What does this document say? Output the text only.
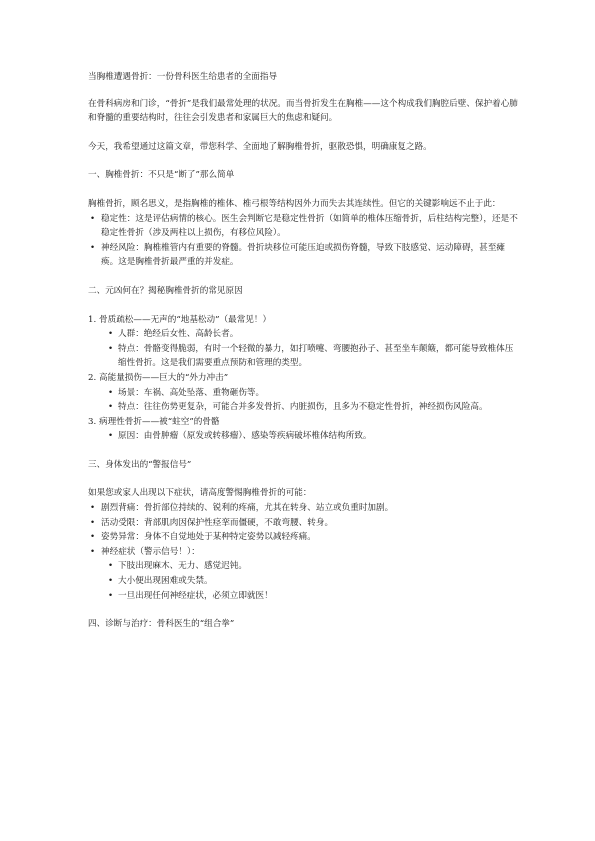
当胸椎遭遇骨折：一份骨科医生给患者的全面指导

在骨科病房和门诊，“骨折”是我们最常处理的状况。而当骨折发生在胸椎——这个构成我们胸腔后壁、保护着心肺和脊髓的重要结构时，往往会引发患者和家属巨大的焦虑和疑问。

今天，我希望通过这篇文章，带您科学、全面地了解胸椎骨折，驱散恐惧，明确康复之路。

一、胸椎骨折：不只是“断了”那么简单

胸椎骨折，顾名思义，是指胸椎的椎体、椎弓根等结构因外力而失去其连续性。但它的关键影响远不止于此：

• 稳定性：这是评估病情的核心。医生会判断它是稳定性骨折（如简单的椎体压缩骨折，后柱结构完整），还是不稳定性骨折（涉及两柱以上损伤，有移位风险）。
• 神经风险：胸椎椎管内有重要的脊髓。骨折块移位可能压迫或损伤脊髓，导致下肢感觉、运动障碍，甚至瘫痪。这是胸椎骨折最严重的并发症。

二、元凶何在？揭秘胸椎骨折的常见原因

1. 骨质疏松——无声的“地基松动”（最常见！）
• 人群：绝经后女性、高龄长者。
• 特点：骨骼变得脆弱，有时一个轻微的暴力，如打喷嚏、弯腰抱孙子、甚至坐车颠簸，都可能导致椎体压缩性骨折。这是我们需要重点预防和管理的类型。
2. 高能量损伤——巨大的“外力冲击”
• 场景：车祸、高处坠落、重物砸伤等。
• 特点：往往伤势更复杂，可能合并多发骨折、内脏损伤，且多为不稳定性骨折，神经损伤风险高。
3. 病理性骨折——被“蛀空”的骨骼
• 原因：由骨肿瘤（原发或转移瘤）、感染等疾病破坏椎体结构所致。

三、身体发出的“警报信号”

如果您或家人出现以下症状，请高度警惕胸椎骨折的可能：

• 剧烈背痛：骨折部位持续的、锐利的疼痛，尤其在转身、站立或负重时加剧。
• 活动受限：背部肌肉因保护性痉挛而僵硬，不敢弯腰、转身。
• 姿势异常：身体不自觉地处于某种特定姿势以减轻疼痛。
• 神经症状（警示信号！）：
• 下肢出现麻木、无力、感觉迟钝。
• 大小便出现困难或失禁。
• 一旦出现任何神经症状，必须立即就医！

四、诊断与治疗：骨科医生的“组合拳”
